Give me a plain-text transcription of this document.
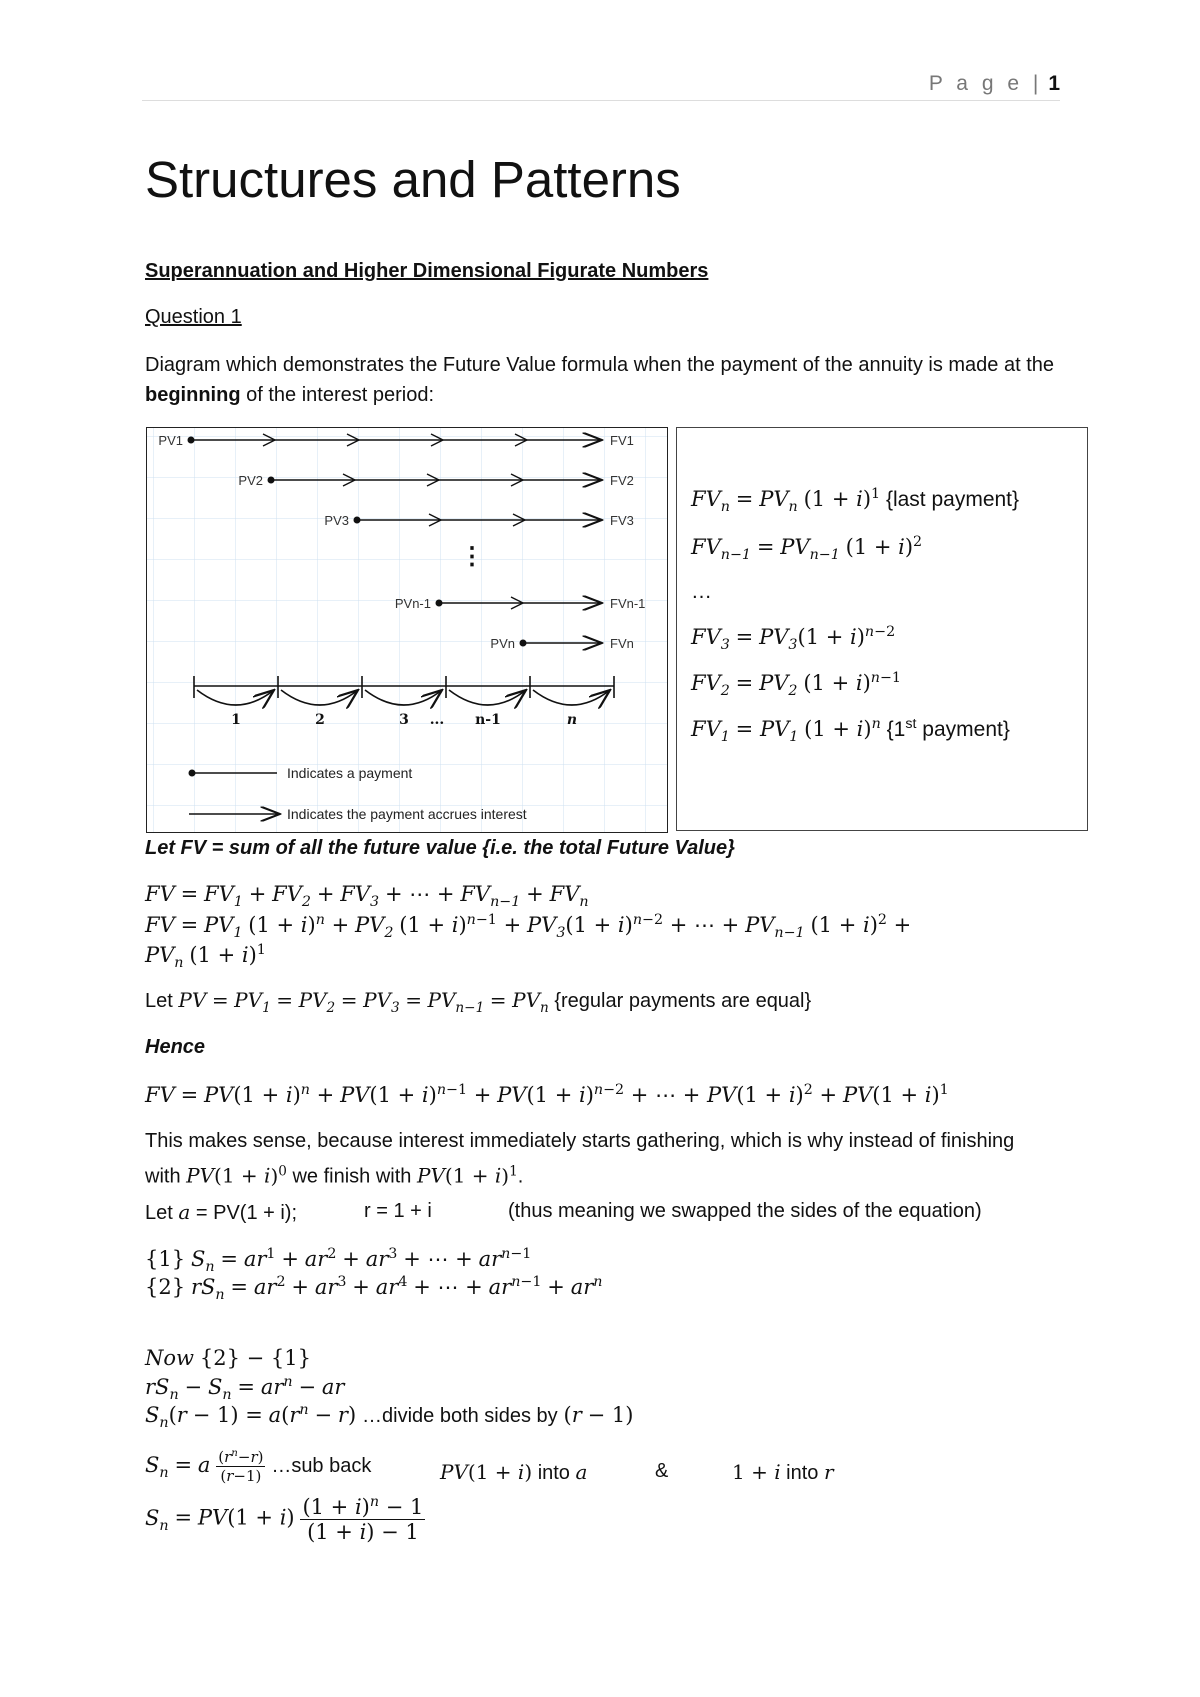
P a g e | 1
Structures and Patterns
Superannuation and Higher Dimensional Figurate Numbers
Question 1
Diagram which demonstrates the Future Value formula when the payment of the annuity is made at the beginning of the interest period:
PV1	FV1
PV2	FV2
PV3	FV3
PVn-1	FVn-1
PVn	FVn
1	2	3 ... n-1	n
⋮
Indicates a payment
Indicates the payment accrues interest
$FV_n = PV_n$ $(1 + i)^1$ {last payment}
$FV_{n-1} = PV_{n-1}$ $(1 + i)^2$
…
$FV_3 = PV_3(1 + i)^{n-2}$
$FV_2 = PV_2$ $(1 + i)^{n-1}$
$FV_1 = PV_1$ $(1 + i)^n$ {1st payment}
Let FV = sum of all the future value {i.e. the total Future Value}
FV = $FV_1 + FV_2 + FV_3$ + ⋯ + $FV_{n-1} + FV_n$
FV = $PV_1$ $(1 + i)^n + PV_2$ $(1 + i)^{n-1} + PV_3(1 + i)^{n-2}$ + ⋯ + $PV_{n-1}$ $(1 + i)^2$ +
$PV_n$ $(1 + i)^1$
Let PV = $PV_1 = PV_2 = PV_3 = PV_{n-1} = PV_n$ {regular payments are equal}
Hence
FV = $PV(1 + i)^n + PV(1 + i)^{n-1} + PV(1 + i)^{n-2}$ + ⋯ + $PV(1 + i)^2 + PV(1 + i)^1$
This makes sense, because interest immediately starts gathering, which is why instead of finishing
with $PV(1 + i)^0$ we finish with $PV(1 + i)^1$.
Let a = PV(1 + i);	r = 1 + i	(thus meaning we swapped the sides of the equation)
{1} $S_n = ar^1 + ar^2 + ar^3$ + ⋯ + $ar^{n-1}$
{2} $rS_n = ar^2 + ar^3 + ar^4$ + ⋯ + $ar^{n-1} + ar^n$
Now {2} − {1}
$rS_n - S_n = ar^n$ − ar
$S_n(r - 1) = a(r^n - r)$ …divide both sides by (r − 1)
$S_n = a \frac{(r^n-r)}{(r-1)}$ …sub back	PV(1 + i) into a	&	1 + i into r
$S_n = PV(1 + i) \frac{(1 + i)^n - 1}{(1 + i) - 1}$
